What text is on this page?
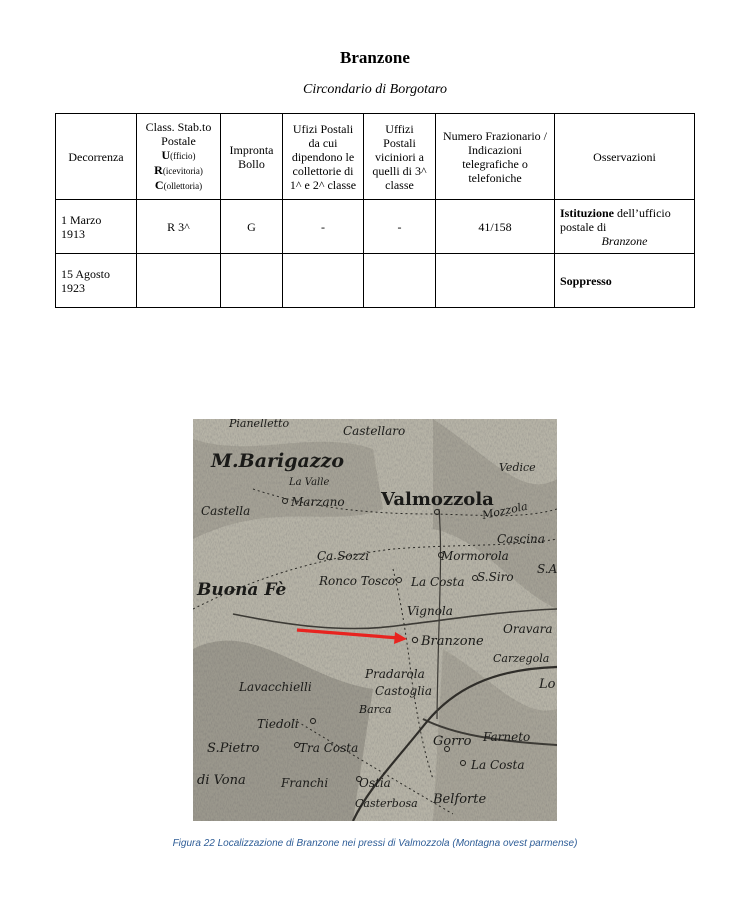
Branzone
Circondario di Borgotaro
Decorrenza	Class. Stab.to Postale
U(fficio)
R(icevitoria)
C(ollettoria)	Impronta Bollo	Ufizi Postali da cui dipendono le collettorie di 1^ e 2^ classe	Uffizi Postali viciniori a quelli di 3^ classe	Numero Frazionario / Indicazioni telegrafiche o telefoniche	Osservazioni

1 Marzo
1913	R 3^	G	-	-	41/158	Istituzione dell’ufficio postale di
Branzone

15 Agosto
1923						Soppresso
Pianelletto
Castellaro
M.Barigazzo	Vedice
La Valle
Marzano Valmozzola
Castella	Mozzola
Cascina
Ca Sozzi	Mormorola
S.A
Ronco Tosco La Costa S.Siro
Buona Fè
Vignola
Branzone
Oravara
Carzegola
Pradarola
Castoglia	Lo
Lavacchielli
Tiedoli
Barca
Farneto
Gorro
S.Pietro	Tra Costa
La Costa
di Vona	Franchi	Ostia
Casterbosa Belforte
Figura 22 Localizzazione di Branzone nei pressi di Valmozzola (Montagna ovest parmense)
